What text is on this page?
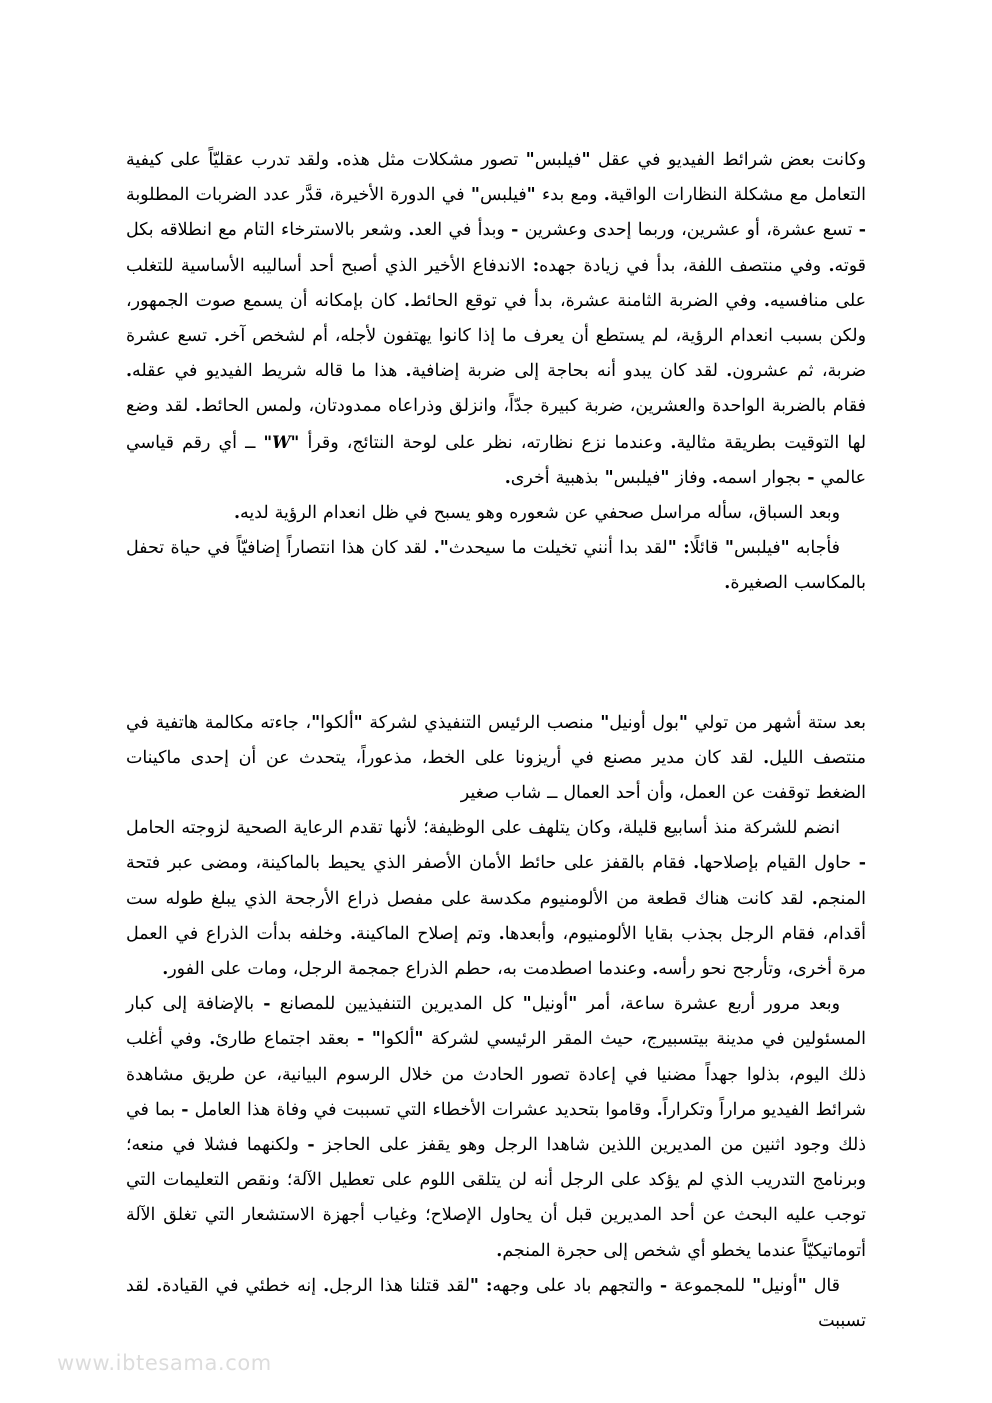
وكانت بعض شرائط الفيديو في عقل "فيلبس" تصور مشكلات مثل هذه. ولقد تدرب عقليّاً على كيفية التعامل مع مشكلة النظارات الواقية. ومع بدء "فيلبس" في الدورة الأخيرة، قدَّر عدد الضربات المطلوبة - تسع عشرة، أو عشرين، وربما إحدى وعشرين - وبدأ في العد. وشعر بالاسترخاء التام مع انطلاقه بكل قوته. وفي منتصف اللفة، بدأ في زيادة جهده: الاندفاع الأخير الذي أصبح أحد أساليبه الأساسية للتغلب على منافسيه. وفي الضربة الثامنة عشرة، بدأ في توقع الحائط. كان بإمكانه أن يسمع صوت الجمهور، ولكن بسبب انعدام الرؤية، لم يستطع أن يعرف ما إذا كانوا يهتفون لأجله، أم لشخص آخر. تسع عشرة ضربة، ثم عشرون. لقد كان يبدو أنه بحاجة إلى ضربة إضافية. هذا ما قاله شريط الفيديو في عقله. فقام بالضربة الواحدة والعشرين، ضربة كبيرة جدّاً، وانزلق وذراعاه ممدودتان، ولمس الحائط. لقد وضع لها التوقيت بطريقة مثالية. وعندما نزع نظارته، نظر على لوحة النتائج، وقرأ "W" ــ أي رقم قياسي عالمي - بجوار اسمه. وفاز "فيلبس" بذهبية أخرى.

وبعد السباق، سأله مراسل صحفي عن شعوره وهو يسبح في ظل انعدام الرؤية لديه.

فأجابه "فيلبس" قائلًا: "لقد بدا أنني تخيلت ما سيحدث". لقد كان هذا انتصاراً إضافيّاً في حياة تحفل بالمكاسب الصغيرة.

بعد ستة أشهر من تولي "بول أونيل" منصب الرئيس التنفيذي لشركة "ألكوا"، جاءته مكالمة هاتفية في منتصف الليل. لقد كان مدير مصنع في أريزونا على الخط، مذعوراً، يتحدث عن أن إحدى ماكينات الضغط توقفت عن العمل، وأن أحد العمال ــ شاب صغير

انضم للشركة منذ أسابيع قليلة، وكان يتلهف على الوظيفة؛ لأنها تقدم الرعاية الصحية لزوجته الحامل - حاول القيام بإصلاحها. فقام بالقفز على حائط الأمان الأصفر الذي يحيط بالماكينة، ومضى عبر فتحة المنجم. لقد كانت هناك قطعة من الألومنيوم مكدسة على مفصل ذراع الأرجحة الذي يبلغ طوله ست أقدام، فقام الرجل بجذب بقايا الألومنيوم، وأبعدها. وتم إصلاح الماكينة. وخلفه بدأت الذراع في العمل مرة أخرى، وتأرجح نحو رأسه. وعندما اصطدمت به، حطم الذراع جمجمة الرجل، ومات على الفور.

وبعد مرور أربع عشرة ساعة، أمر "أونيل" كل المديرين التنفيذيين للمصانع - بالإضافة إلى كبار المسئولين في مدينة بيتسبيرج، حيث المقر الرئيسي لشركة "ألكوا" - بعقد اجتماع طارئ. وفي أغلب ذلك اليوم، بذلوا جهداً مضنيا في إعادة تصور الحادث من خلال الرسوم البيانية، عن طريق مشاهدة شرائط الفيديو مراراً وتكراراً. وقاموا بتحديد عشرات الأخطاء التي تسببت في وفاة هذا العامل - بما في ذلك وجود اثنين من المديرين اللذين شاهدا الرجل وهو يقفز على الحاجز - ولكنهما فشلا في منعه؛ وبرنامج التدريب الذي لم يؤكد على الرجل أنه لن يتلقى اللوم على تعطيل الآلة؛ ونقص التعليمات التي توجب عليه البحث عن أحد المديرين قبل أن يحاول الإصلاح؛ وغياب أجهزة الاستشعار التي تغلق الآلة أتوماتيكيّاً عندما يخطو أي شخص إلى حجرة المنجم.

قال "أونيل" للمجموعة - والتجهم باد على وجهه: "لقد قتلنا هذا الرجل. إنه خطئي في القيادة. لقد تسببت

www.ibtesama.com
